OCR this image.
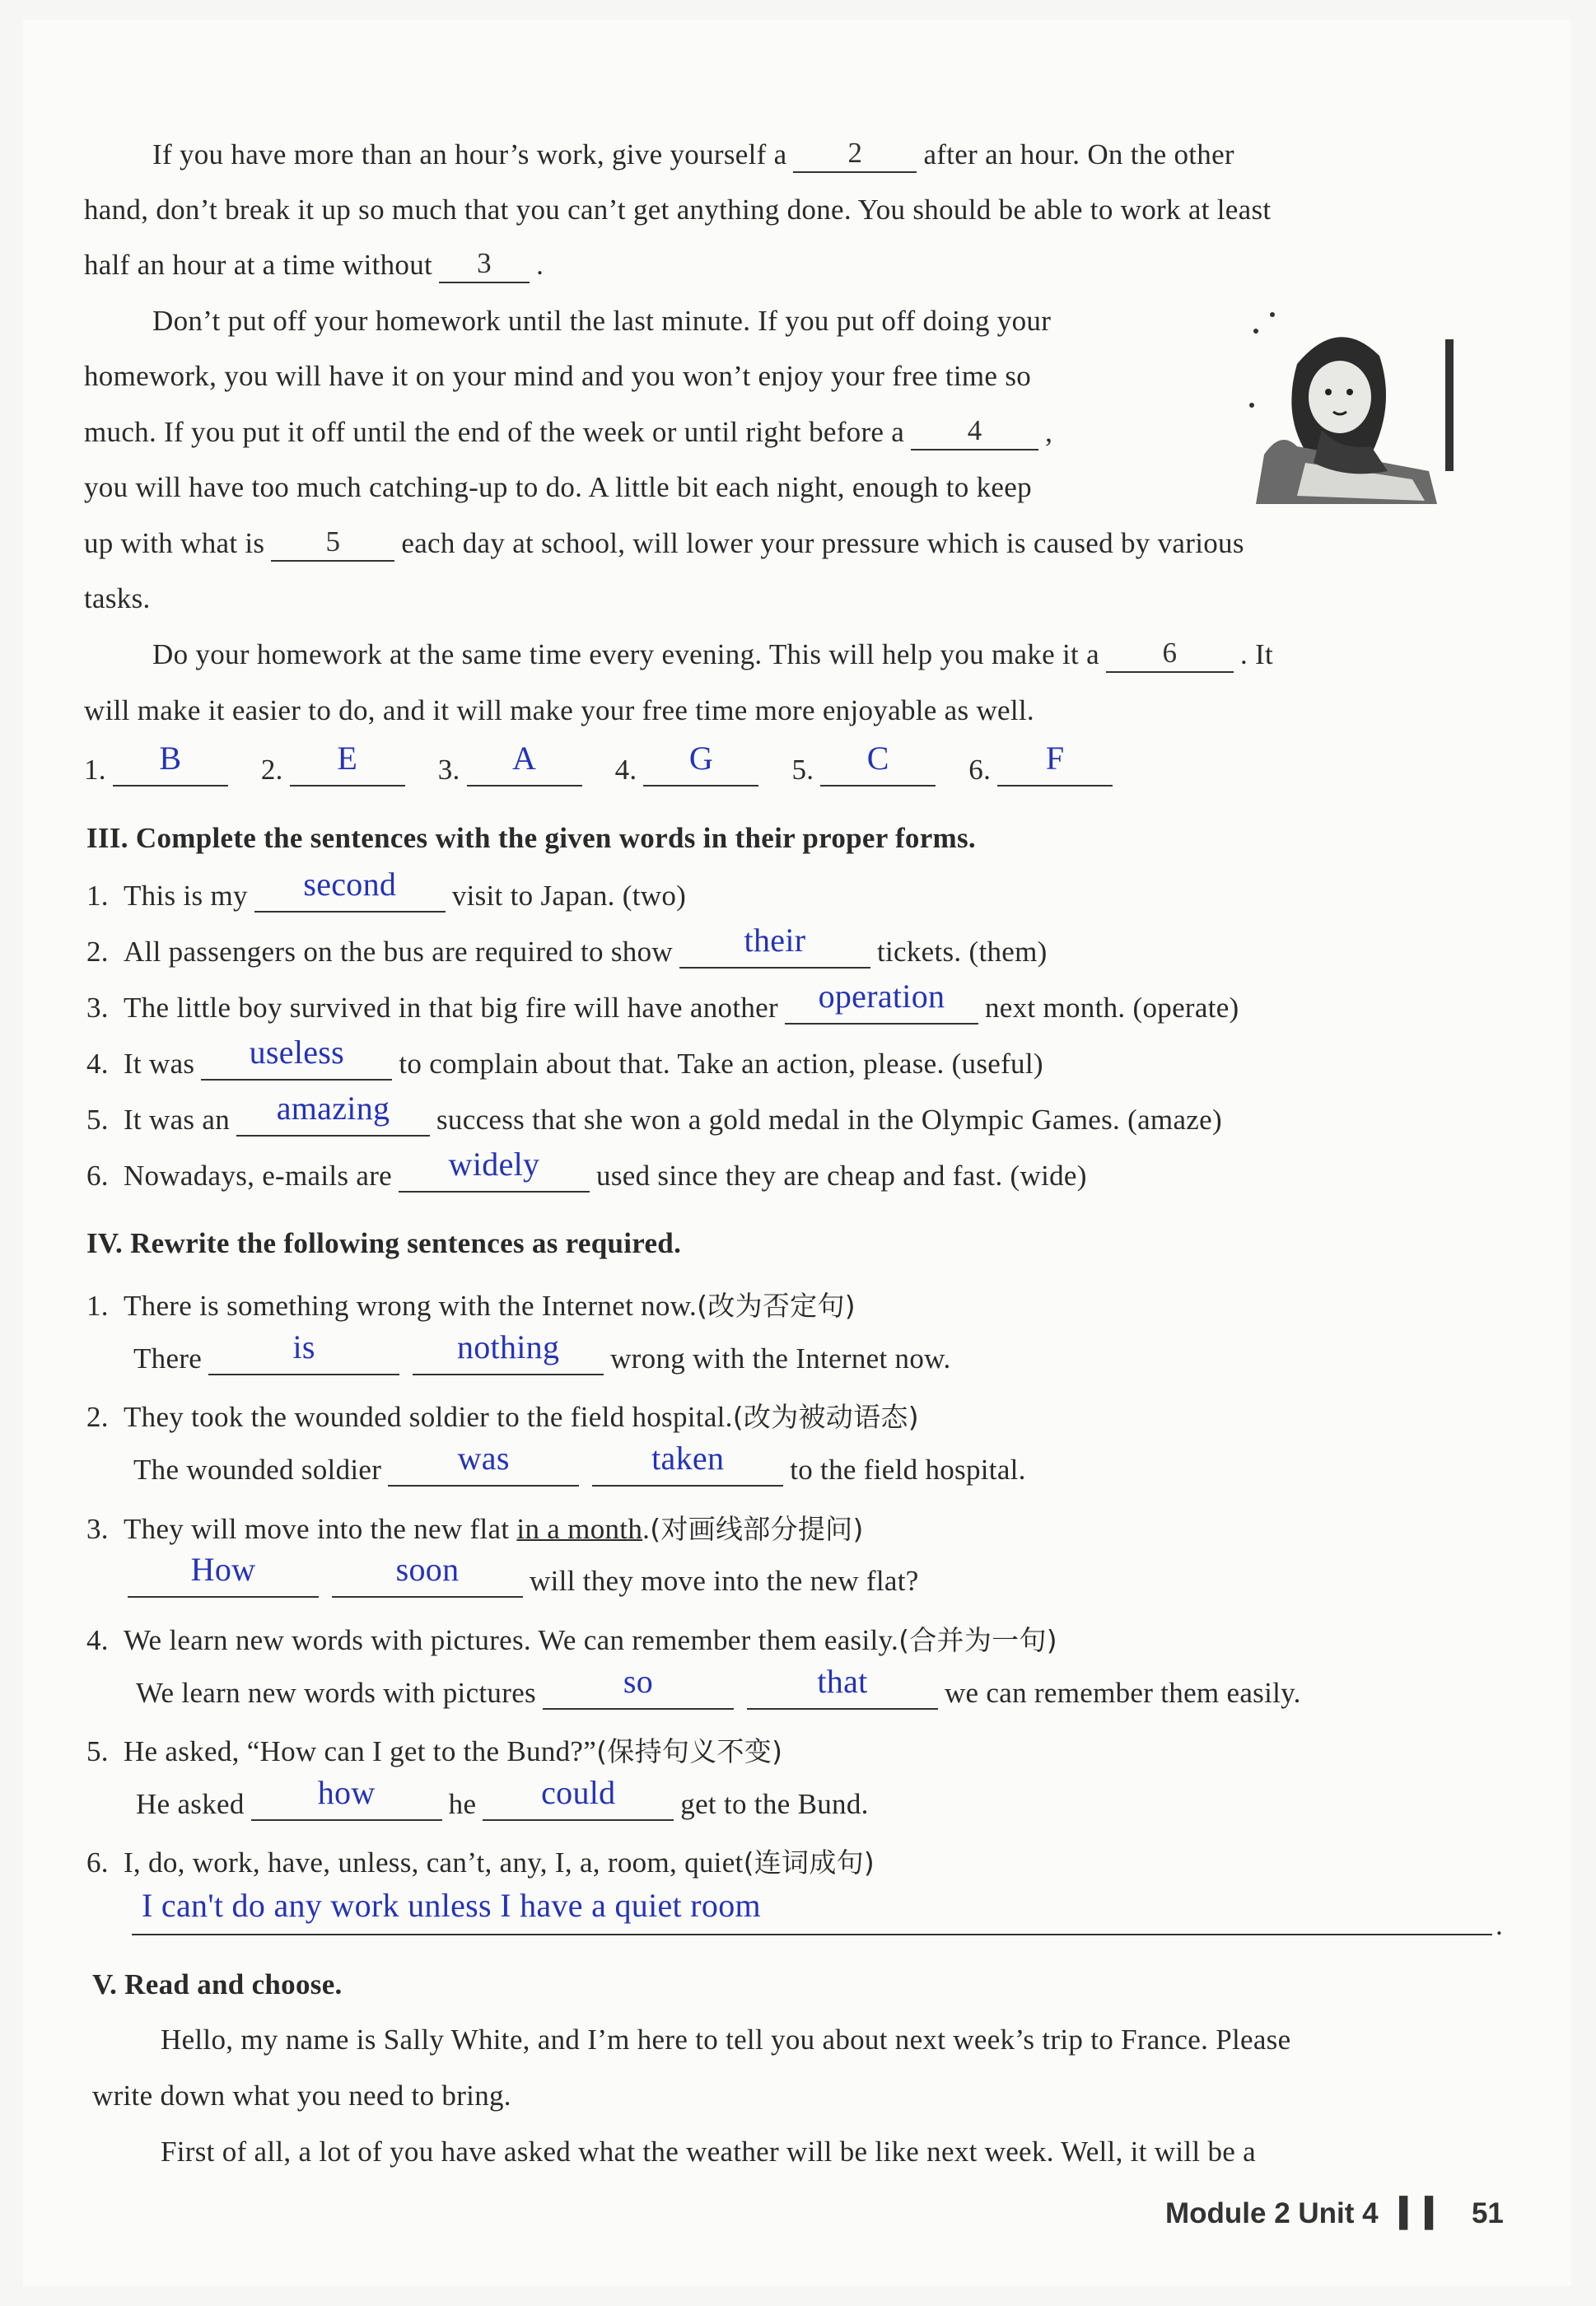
If you have more than an hour’s work, give yourself a 2 after an hour. On the other
hand, don’t break it up so much that you can’t get anything done. You should be able to work at least
half an hour at a time without 3 .
Don’t put off your homework until the last minute. If you put off doing your
homework, you will have it on your mind and you won’t enjoy your free time so
much. If you put it off until the end of the week or until right before a 4 ,
you will have too much catching-up to do. A little bit each night, enough to keep
up with what is 5 each day at school, will lower your pressure which is caused by various
tasks.
Do your homework at the same time every evening. This will help you make it a 6 . It
will make it easier to do, and it will make your free time more enjoyable as well.
1. B	2. E	3. A	4. G	5. C	6. F
III. Complete the sentences with the given words in their proper forms.
1. This is my second visit to Japan. (two)
2. All passengers on the bus are required to show their tickets. (them)
3. The little boy survived in that big fire will have another operation next month. (operate)
4. It was useless to complain about that. Take an action, please. (useful)
5. It was an amazing success that she won a gold medal in the Olympic Games. (amaze)
6. Nowadays, e-mails are widely used since they are cheap and fast. (wide)
IV. Rewrite the following sentences as required.
1. There is something wrong with the Internet now.(改为否定句)
There	is	nothing wrong with the Internet now.
2. They took the wounded soldier to the field hospital.(改为被动语态)
The wounded soldier was	taken to the field hospital.
3. They will move into the new flat in a month.(对画线部分提问)
How	soon will they move into the new flat?
4. We learn new words with pictures. We can remember them easily.(合并为一句)
We learn new words with pictures	so	that	we can remember them easily.
5. He asked, “How can I get to the Bund?”(保持句义不变)
He asked how	he could get to the Bund.
6. I, do, work, have, unless, can’t, any, I, a, room, quiet(连词成句)
I can't do any work unless I have a quiet room
.
V. Read and choose.
Hello, my name is Sally White, and I’m here to tell you about next week’s trip to France. Please
write down what you need to bring.
First of all, a lot of you have asked what the weather will be like next week. Well, it will be a
Module 2 Unit 4 ▍▍ 51
